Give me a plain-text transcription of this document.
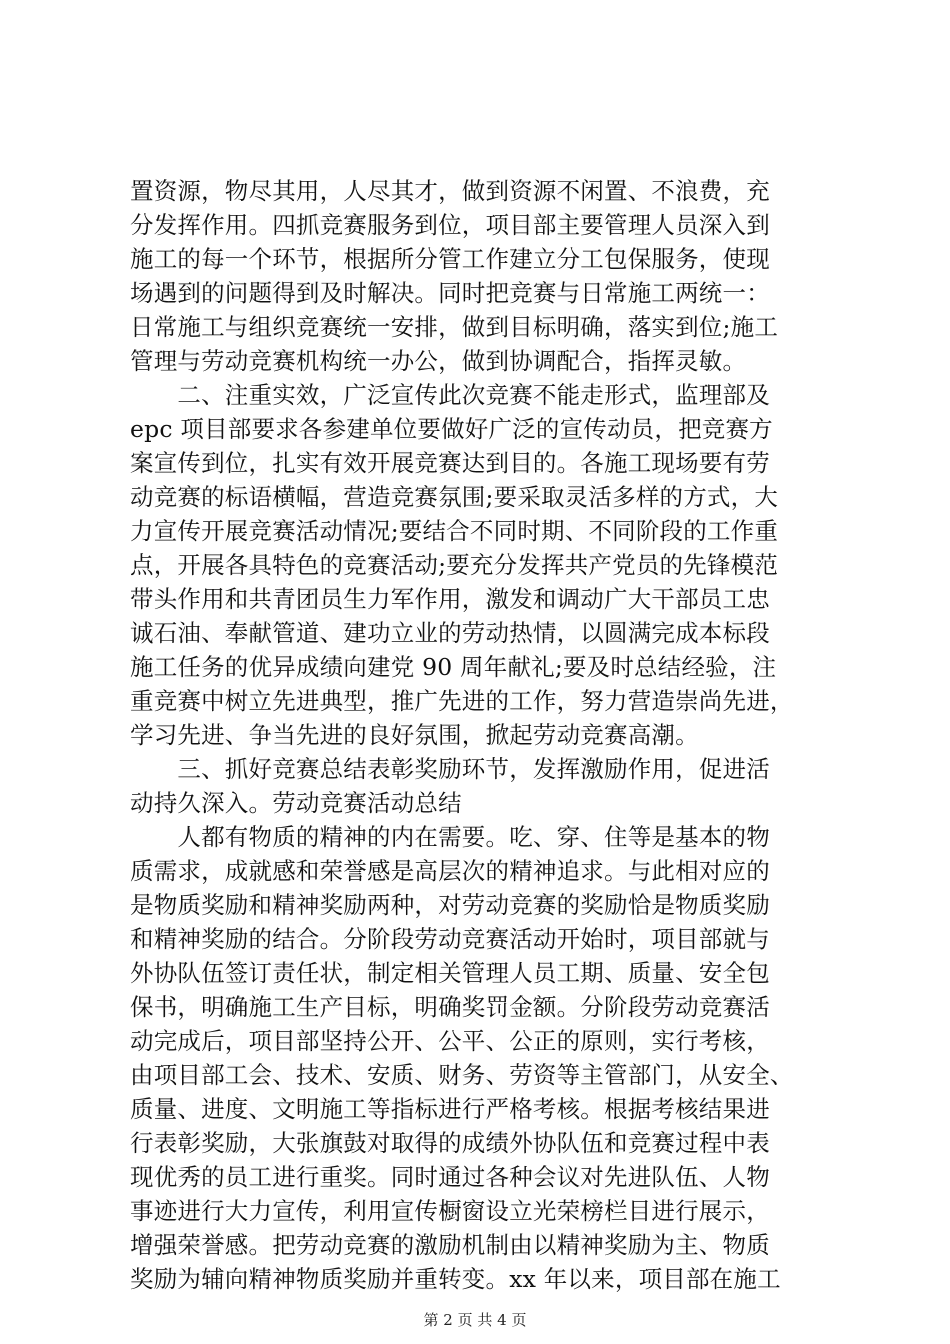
置资源，物尽其用，人尽其才，做到资源不闲置、不浪费，充
分发挥作用。四抓竞赛服务到位，项目部主要管理人员深入到
施工的每一个环节，根据所分管工作建立分工包保服务，使现
场遇到的问题得到及时解决。同时把竞赛与日常施工两统一：
日常施工与组织竞赛统一安排，做到目标明确，落实到位;施工
管理与劳动竞赛机构统一办公，做到协调配合，指挥灵敏。
　　二、注重实效，广泛宣传此次竞赛不能走形式，监理部及
epc 项目部要求各参建单位要做好广泛的宣传动员，把竞赛方
案宣传到位，扎实有效开展竞赛达到目的。各施工现场要有劳
动竞赛的标语横幅，营造竞赛氛围;要采取灵活多样的方式，大
力宣传开展竞赛活动情况;要结合不同时期、不同阶段的工作重
点，开展各具特色的竞赛活动;要充分发挥共产党员的先锋模范
带头作用和共青团员生力军作用，激发和调动广大干部员工忠
诚石油、奉献管道、建功立业的劳动热情，以圆满完成本标段
施工任务的优异成绩向建党 90 周年献礼;要及时总结经验，注
重竞赛中树立先进典型，推广先进的工作，努力营造崇尚先进，
学习先进、争当先进的良好氛围，掀起劳动竞赛高潮。
　　三、抓好竞赛总结表彰奖励环节，发挥激励作用，促进活
动持久深入。劳动竞赛活动总结
　　人都有物质的精神的内在需要。吃、穿、住等是基本的物
质需求，成就感和荣誉感是高层次的精神追求。与此相对应的
是物质奖励和精神奖励两种，对劳动竞赛的奖励恰是物质奖励
和精神奖励的结合。分阶段劳动竞赛活动开始时，项目部就与
外协队伍签订责任状，制定相关管理人员工期、质量、安全包
保书，明确施工生产目标，明确奖罚金额。分阶段劳动竞赛活
动完成后，项目部坚持公开、公平、公正的原则，实行考核，
由项目部工会、技术、安质、财务、劳资等主管部门，从安全、
质量、进度、文明施工等指标进行严格考核。根据考核结果进
行表彰奖励，大张旗鼓对取得的成绩外协队伍和竞赛过程中表
现优秀的员工进行重奖。同时通过各种会议对先进队伍、人物
事迹进行大力宣传，利用宣传橱窗设立光荣榜栏目进行展示，
增强荣誉感。把劳动竞赛的激励机制由以精神奖励为主、物质
奖励为辅向精神物质奖励并重转变。xx 年以来，项目部在施工
第 2 页 共 4 页
